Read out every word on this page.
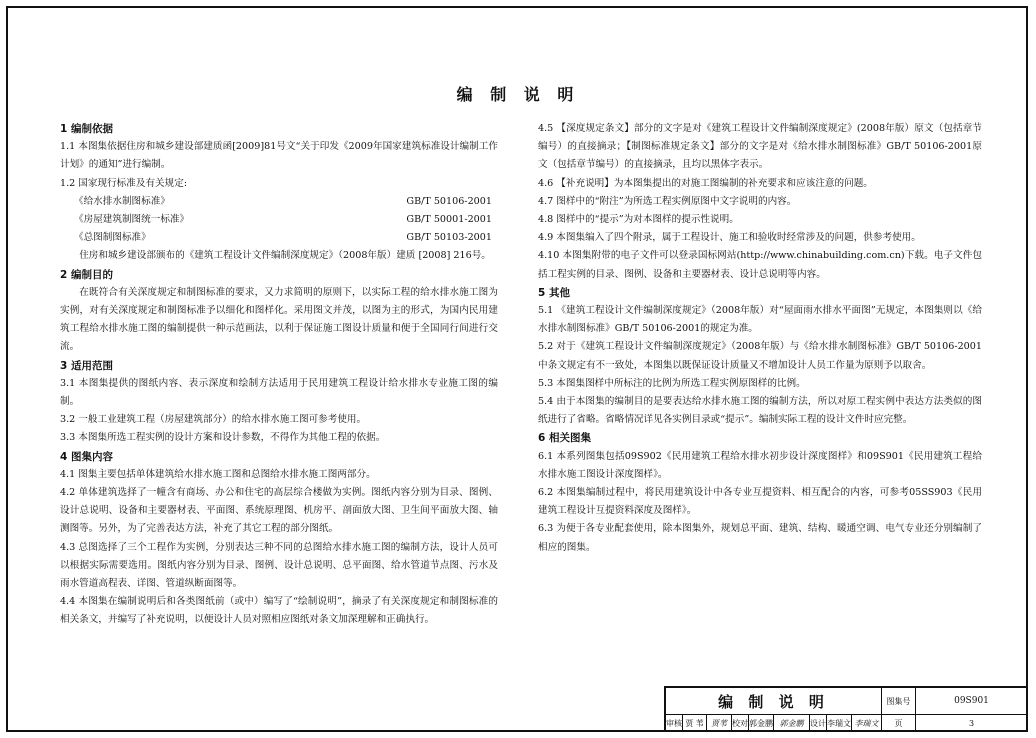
编 制 说 明

1 编制依据

1.1 本图集依据住房和城乡建设部建质函[2009]81号文“关于印发《2009年国家建筑标准设计编制工作计划》的通知”进行编制。

1.2 国家现行标准及有关规定:

《给水排水制图标准》	GB/T 50106-2001
《房屋建筑制图统一标准》	GB/T 50001-2001
《总图制图标准》	GB/T 50103-2001

住房和城乡建设部颁布的《建筑工程设计文件编制深度规定》（2008年版）建质 [2008] 216号。

2 编制目的

在既符合有关深度规定和制图标准的要求，又力求简明的原则下，以实际工程的给水排水施工图为实例，对有关深度规定和制图标准予以细化和图样化。采用图文并茂，以图为主的形式，为国内民用建筑工程给水排水施工图的编制提供一种示范画法，以利于保证施工图设计质量和便于全国同行间进行交流。

3 适用范围

3.1 本图集提供的图纸内容、表示深度和绘制方法适用于民用建筑工程设计给水排水专业施工图的编制。

3.2 一般工业建筑工程（房屋建筑部分）的给水排水施工图可参考使用。

3.3 本图集所选工程实例的设计方案和设计参数，不得作为其他工程的依据。

4 图集内容

4.1 图集主要包括单体建筑给水排水施工图和总图给水排水施工图两部分。

4.2 单体建筑选择了一幢含有商场、办公和住宅的高层综合楼做为实例。图纸内容分别为目录、图例、设计总说明、设备和主要器材表、平面图、系统原理图、机房平、剖面放大图、卫生间平面放大图、轴测图等。另外，为了完善表达方法，补充了其它工程的部分图纸。

4.3 总图选择了三个工程作为实例，分别表达三种不同的总图给水排水施工图的编制方法，设计人员可以根据实际需要选用。图纸内容分别为目录、图例、设计总说明、总平面图、给水管道节点图、污水及雨水管道高程表、详图、管道纵断面图等。

4.4 本图集在编制说明后和各类图纸前（或中）编写了“绘制说明”，摘录了有关深度规定和制图标准的相关条文，并编写了补充说明，以便设计人员对照相应图纸对条文加深理解和正确执行。

4.5 【深度规定条文】部分的文字是对《建筑工程设计文件编制深度规定》(2008年版）原文（包括章节编号）的直接摘录；【制图标准规定条文】部分的文字是对《给水排水制图标准》GB/T 50106-2001原文（包括章节编号）的直接摘录，且均以黑体字表示。

4.6 【补充说明】为本图集提出的对施工图编制的补充要求和应该注意的问题。

4.7 图样中的“附注”为所选工程实例原图中文字说明的内容。

4.8 图样中的“提示”为对本图样的提示性说明。

4.9 本图集编入了四个附录，属于工程设计、施工和验收时经常涉及的问题，供参考使用。

4.10 本图集附带的电子文件可以登录国标网站(http://www.chinabuilding.com.cn)下载。电子文件包括工程实例的目录、图例、设备和主要器材表、设计总说明等内容。

5 其他

5.1 《建筑工程设计文件编制深度规定》（2008年版）对“屋面雨水排水平面图”无规定，本图集则以《给水排水制图标准》GB/T 50106-2001的规定为准。

5.2 对于《建筑工程设计文件编制深度规定》（2008年版）与《给水排水制图标准》GB/T 50106-2001中条文规定有不一致处，本图集以既保证设计质量又不增加设计人员工作量为原则予以取舍。

5.3 本图集图样中所标注的比例为所选工程实例原图样的比例。

5.4 由于本图集的编制目的是要表达给水排水施工图的编制方法，所以对原工程实例中表达方法类似的图纸进行了省略。省略情况详见各实例目录或“提示”。编制实际工程的设计文件时应完整。

6 相关图集

6.1 本系列图集包括09S902《民用建筑工程给水排水初步设计深度图样》和09S901《民用建筑工程给水排水施工图设计深度图样》。

6.2 本图集编制过程中，将民用建筑设计中各专业互提资料、相互配合的内容，可参考05SS903《民用建筑工程设计互提资料深度及图样》。

6.3 为便于各专业配套使用，除本图集外，规划总平面、建筑、结构、暖通空调、电气专业还分别编制了相应的图集。

编 制 说 明									图集号	09S901
审核	贾 苇	贾苇	校对	郭金鹏	郭金鹏	设计	李瑞文	李瑞文	页	3
